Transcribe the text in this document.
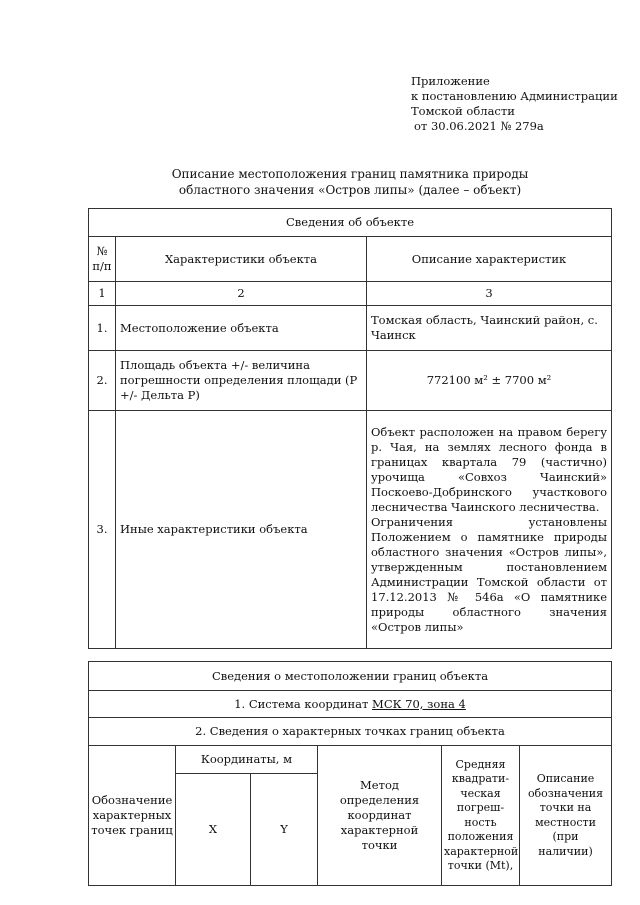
Приложение
к постановлению Администрации
Томской области
от 30.06.2021 № 279а
Описание местоположения границ памятника природы
областного значения «Остров липы» (далее – объект)
Сведения об объекте		
№ п/п	Характеристики объекта	Описание характеристик
1	2	3
1.	Местоположение объекта	Томская область, Чаинский район, с. Чаинск
2.	Площадь объекта +/- величина погрешности определения площади (Р +/- Дельта Р)	772100 м² ± 7700 м²
3.	Иные характеристики объекта	Объект расположен на правом берегу р. Чая, на землях лесного фонда в границах квартала 79 (частично) урочища «Совхоз Чаинский» Поскоево-Добринского участкового лесничества Чаинского лесничества.
Ограничения установлены Положением о памятнике природы областного значения «Остров липы», утвержденным постановлением Администрации Томской области от 17.12.2013 № 546а «О памятнике природы областного значения «Остров липы»
Сведения о местоположении границ объекта					
1. Система координат МСК 70, зона 4					
2. Сведения о характерных точках границ объекта					
Обозначение характерных точек границ	Координаты, м		Метод определения координат характерной точки	Средняя квадрати-ческая погреш-ность положения характерной точки (Mt),	Описание обозначения точки на местности (при наличии)
	X	Y			
